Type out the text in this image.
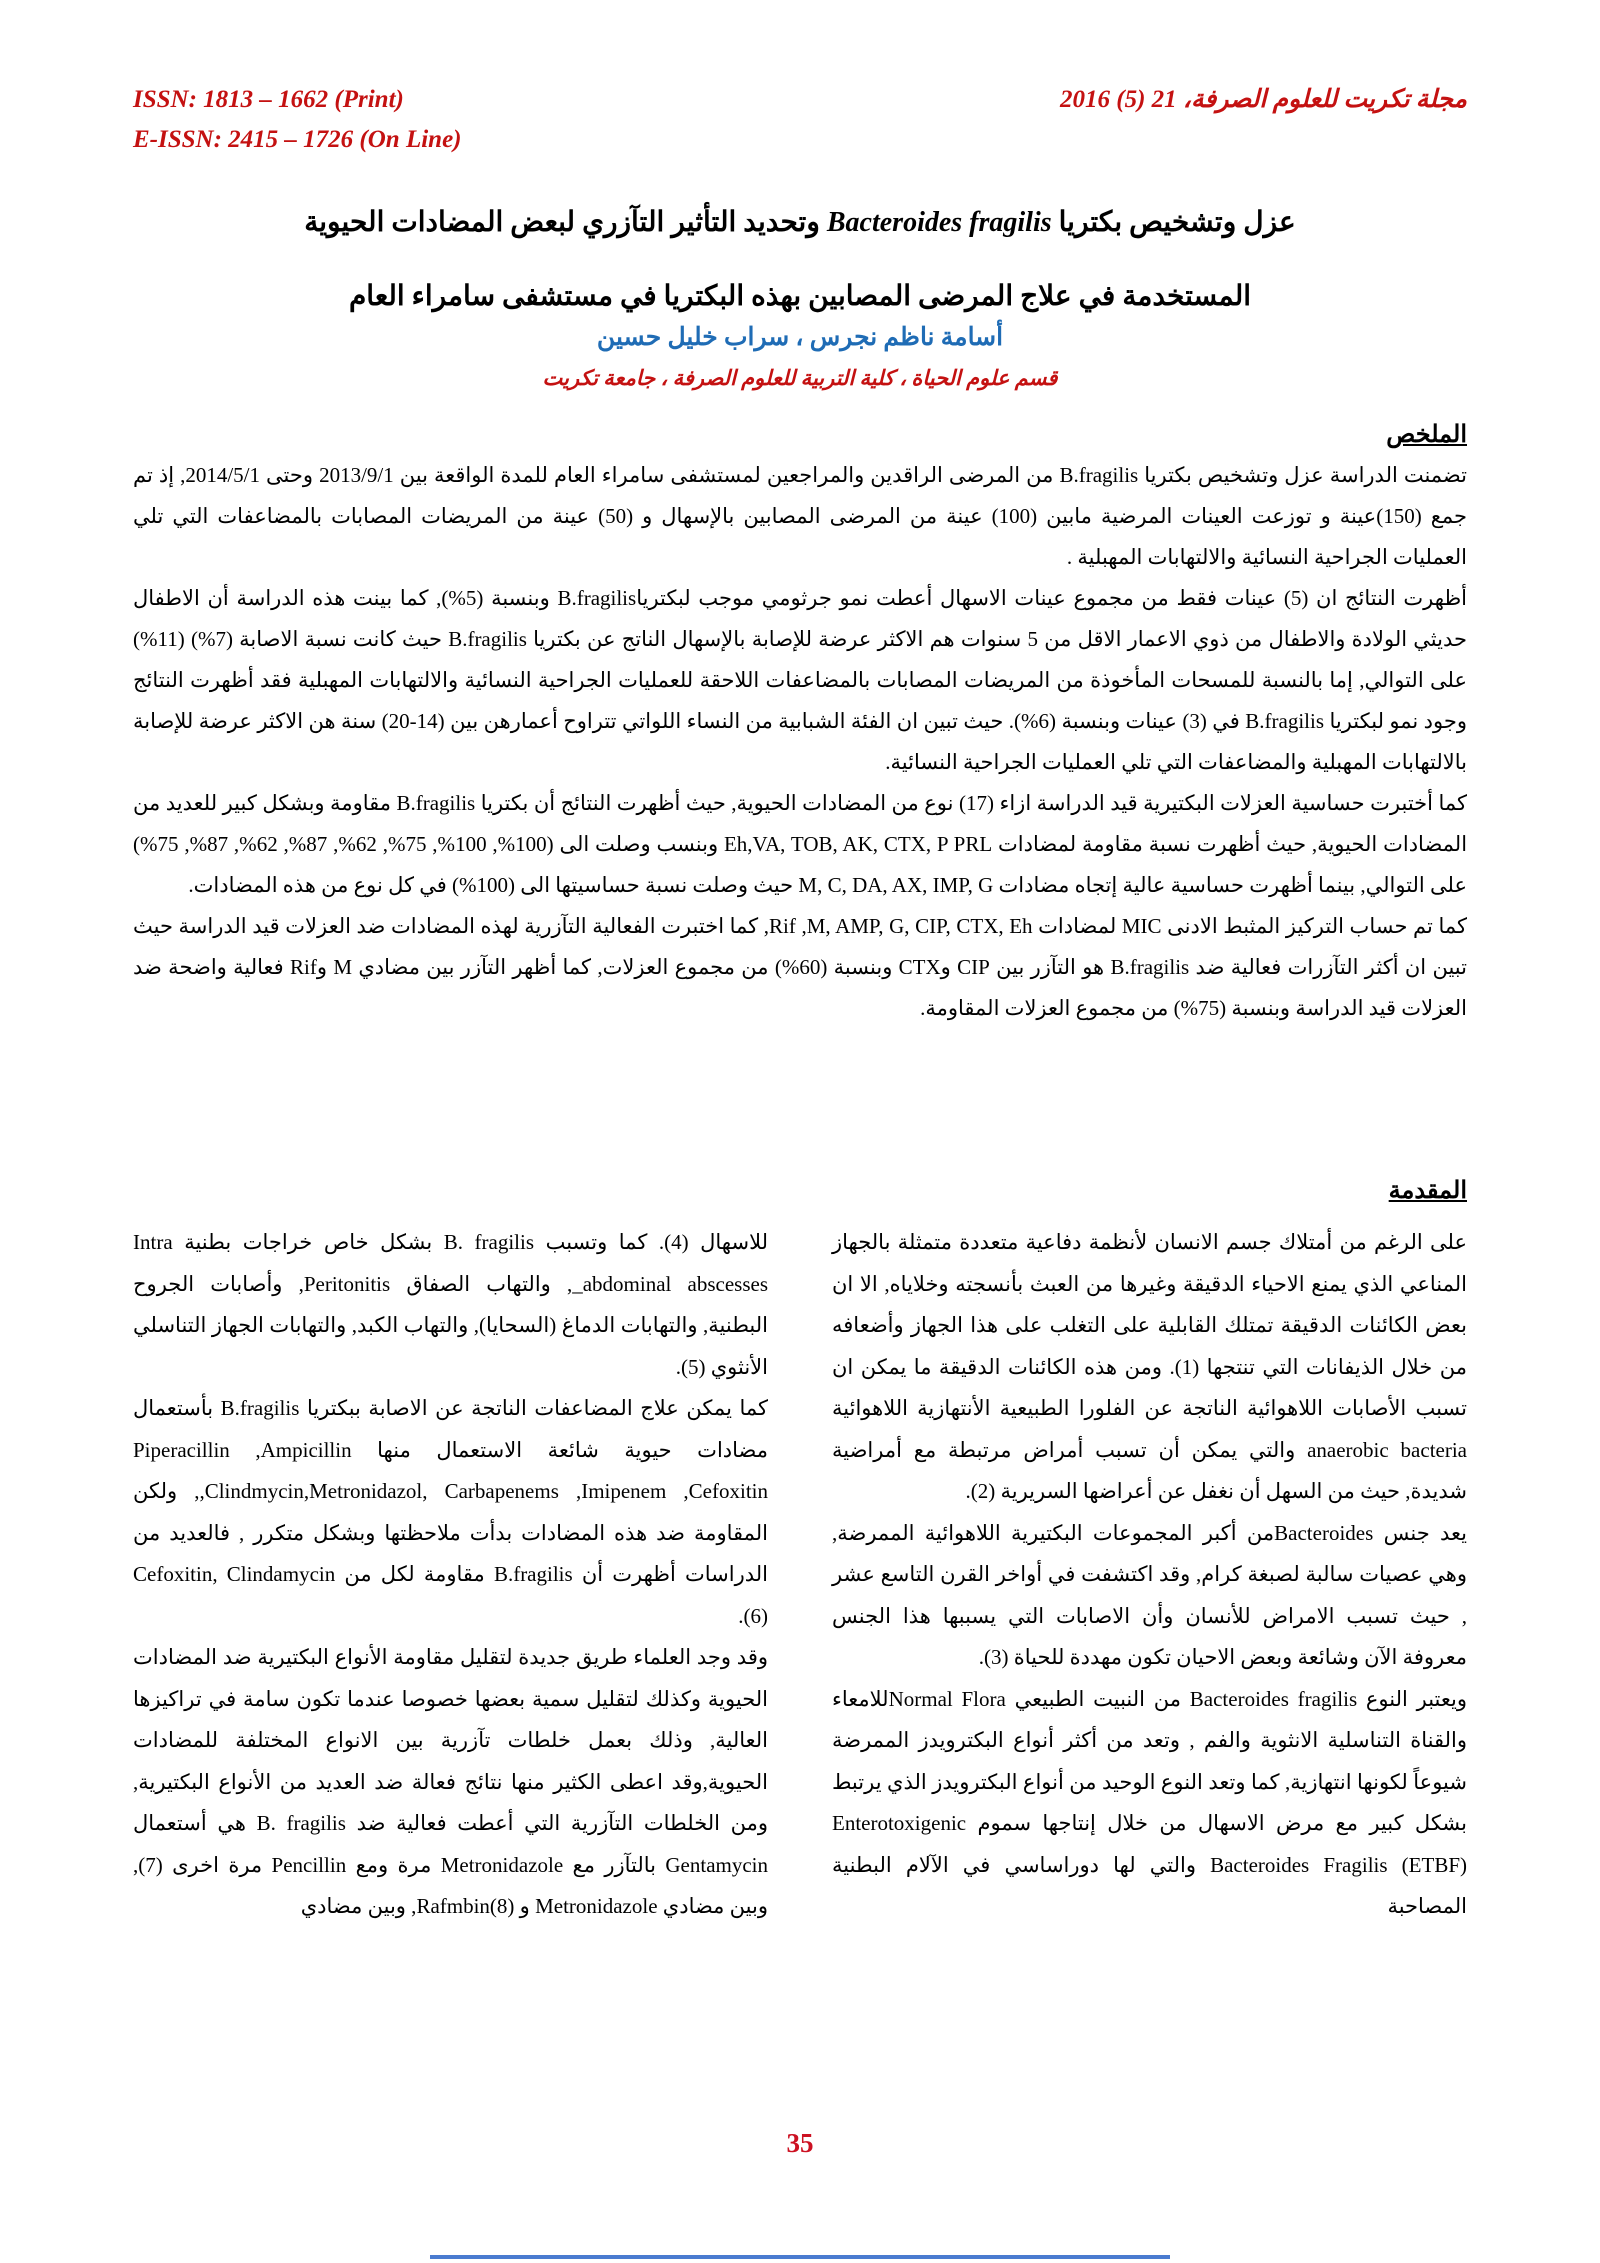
ISSN: 1813 – 1662 (Print)
E-ISSN: 2415 – 1726 (On Line)
مجلة تكريت للعلوم الصرفة، 21 (5) 2016
عزل وتشخيص بكتريا Bacteroides fragilis وتحديد التأثير التآزري لبعض المضادات الحيوية
المستخدمة في علاج المرضى المصابين بهذه البكتريا في مستشفى سامراء العام
أسامة ناظم نجرس ، سراب خليل حسين
قسم علوم الحياة ، كلية التربية للعلوم الصرفة ، جامعة تكريت
الملخص

تضمنت الدراسة عزل وتشخيص بكتريا B.fragilis من المرضى الراقدين والمراجعين لمستشفى سامراء العام للمدة الواقعة بين 2013/9/1 وحتى 2014/5/1, إذ تم جمع (150)عينة و توزعت العينات المرضية مابين (100) عينة من المرضى المصابين بالإسهال و (50) عينة من المريضات المصابات بالمضاعفات التي تلي العمليات الجراحية النسائية والالتهابات المهبلية .

أظهرت النتائج ان (5) عينات فقط من مجموع عينات الاسهال أعطت نمو جرثومي موجب لبكترياB.fragilis وبنسبة (5%), كما بينت هذه الدراسة أن الاطفال حديثي الولادة والاطفال من ذوي الاعمار الاقل من 5 سنوات هم الاكثر عرضة للإصابة بالإسهال الناتج عن بكتريا B.fragilis حيث كانت نسبة الاصابة (7%) (11%) على التوالي, إما بالنسبة للمسحات المأخوذة من المريضات المصابات بالمضاعفات اللاحقة للعمليات الجراحية النسائية والالتهابات المهبلية فقد أظهرت النتائج وجود نمو لبكتريا B.fragilis في (3) عينات وبنسبة (6%). حيث تبين ان الفئة الشبابية من النساء اللواتي تتراوح أعمارهن بين (14-20) سنة هن الاكثر عرضة للإصابة بالالتهابات المهبلية والمضاعفات التي تلي العمليات الجراحية النسائية.

كما أختبرت حساسية العزلات البكتيرية قيد الدراسة ازاء (17) نوع من المضادات الحيوية, حيث أظهرت النتائج أن بكتريا B.fragilis مقاومة وبشكل كبير للعديد من المضادات الحيوية, حيث أظهرت نسبة مقاومة لمضادات Eh,VA, TOB, AK, CTX, P PRL وبنسب وصلت الى (100%, 100%, 75%, 62%, 87%, 62%, 87%, 75%) على التوالي, بينما أظهرت حساسية عالية إتجاه مضادات M, C, DA, AX, IMP, G حيث وصلت نسبة حساسيتها الى (100%) في كل نوع من هذه المضادات.

كما تم حساب التركيز المثبط الادنى MIC لمضادات Rif ,M, AMP, G, CIP, CTX, Eh, كما اختبرت الفعالية التآزرية لهذه المضادات ضد العزلات قيد الدراسة حيث تبين ان أكثر التآزرات فعالية ضد B.fragilis هو التآزر بين CIP وCTX وبنسبة (60%) من مجموع العزلات, كما أظهر التآزر بين مضادي M وRif فعالية واضحة ضد العزلات قيد الدراسة وبنسبة (75%) من مجموع العزلات المقاومة.

المقدمة

على الرغم من أمتلاك جسم الانسان لأنظمة دفاعية متعددة متمثلة بالجهاز المناعي الذي يمنع الاحياء الدقيقة وغيرها من العبث بأنسجته وخلاياه, الا ان بعض الكائنات الدقيقة تمتلك القابلية على التغلب على هذا الجهاز وأضعافه من خلال الذيفانات التي تنتجها (1). ومن هذه الكائنات الدقيقة ما يمكن ان تسبب الأصابات اللاهوائية الناتجة عن الفلورا الطبيعية الأنتهازية اللاهوائية anaerobic bacteria والتي يمكن أن تسبب أمراض مرتبطة مع أمراضية شديدة, حيث من السهل أن نغفل عن أعراضها السريرية (2).

يعد جنس Bacteroidesمن أكبر المجموعات البكتيرية اللاهوائية الممرضة, وهي عصيات سالبة لصبغة كرام, وقد اكتشفت في أواخر القرن التاسع عشر , حيث تسبب الامراض للأنسان وأن الاصابات التي يسببها هذا الجنس معروفة الآن وشائعة وبعض الاحيان تكون مهددة للحياة (3).

ويعتبر النوع Bacteroides fragilis من النبيت الطبيعي Normal Floraللامعاء والقناة التناسلية الانثوية والفم , وتعد من أكثر أنواع البكترويدز الممرضة شيوعاً لكونها انتهازية, كما وتعد النوع الوحيد من أنواع البكترويدز الذي يرتبط بشكل كبير مع مرض الاسهال من خلال إنتاجها سموم Enterotoxigenic Bacteroides Fragilis (ETBF) والتي لها دوراساسي في الآلام البطنية المصاحبة

للاسهال (4). كما وتسبب B. fragilis بشكل خاص خراجات بطنية Intra _abdominal abscesses, والتهاب الصفاق Peritonitis, وأصابات الجروح البطنية, والتهابات الدماغ (السحايا), والتهاب الكبد, والتهابات الجهاز التناسلي الأنثوي (5).

كما يمكن علاج المضاعفات الناتجة عن الاصابة ببكتريا B.fragilis بأستعمال مضادات حيوية شائعة الاستعمال منها Piperacillin ,Ampicillin ,Clindmycin,Metronidazol, Carbapenems ,Imipenem ,Cefoxitin, ولكن المقاومة ضد هذه المضادات بدأت ملاحظتها وبشكل متكرر , فالعديد من الدراسات أظهرت أن B.fragilis مقاومة لكل من Cefoxitin, Clindamycin (6).

وقد وجد العلماء طريق جديدة لتقليل مقاومة الأنواع البكتيرية ضد المضادات الحيوية وكذلك لتقليل سمية بعضها خصوصا عندما تكون سامة في تراكيزها العالية, وذلك بعمل خلطات تآزرية بين الانواع المختلفة للمضادات الحيوية,وقد اعطى الكثير منها نتائج فعالة ضد العديد من الأنواع البكتيرية, ومن الخلطات التآزرية التي أعطت فعالية ضد B. fragilis هي أستعمال Gentamycin بالتآزر مع Metronidazole مرة ومع Pencillin مرة اخرى (7), وبين مضادي Metronidazole و Rafmbin(8), وبين مضادي

35
